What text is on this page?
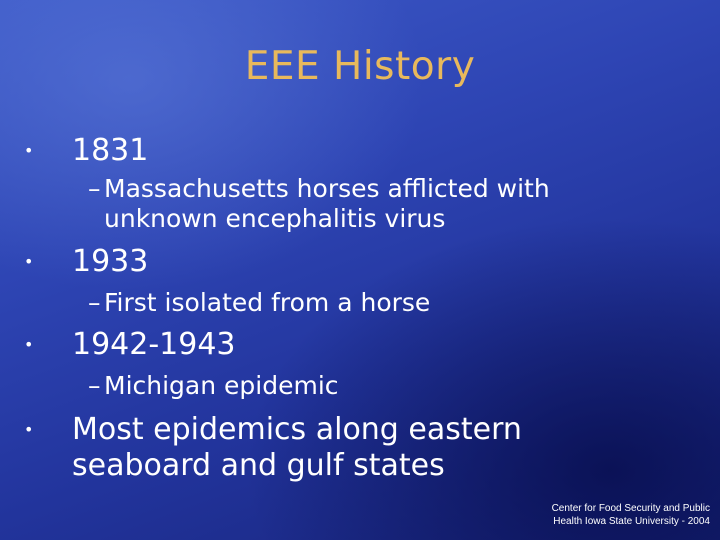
EEE History
• 1831
– Massachusetts horses afflicted with
unknown encephalitis virus
• 1933
– First isolated from a horse
• 1942-1943
– Michigan epidemic
• Most epidemics along eastern
seaboard and gulf states
Center for Food Security and Public
Health Iowa State University - 2004
